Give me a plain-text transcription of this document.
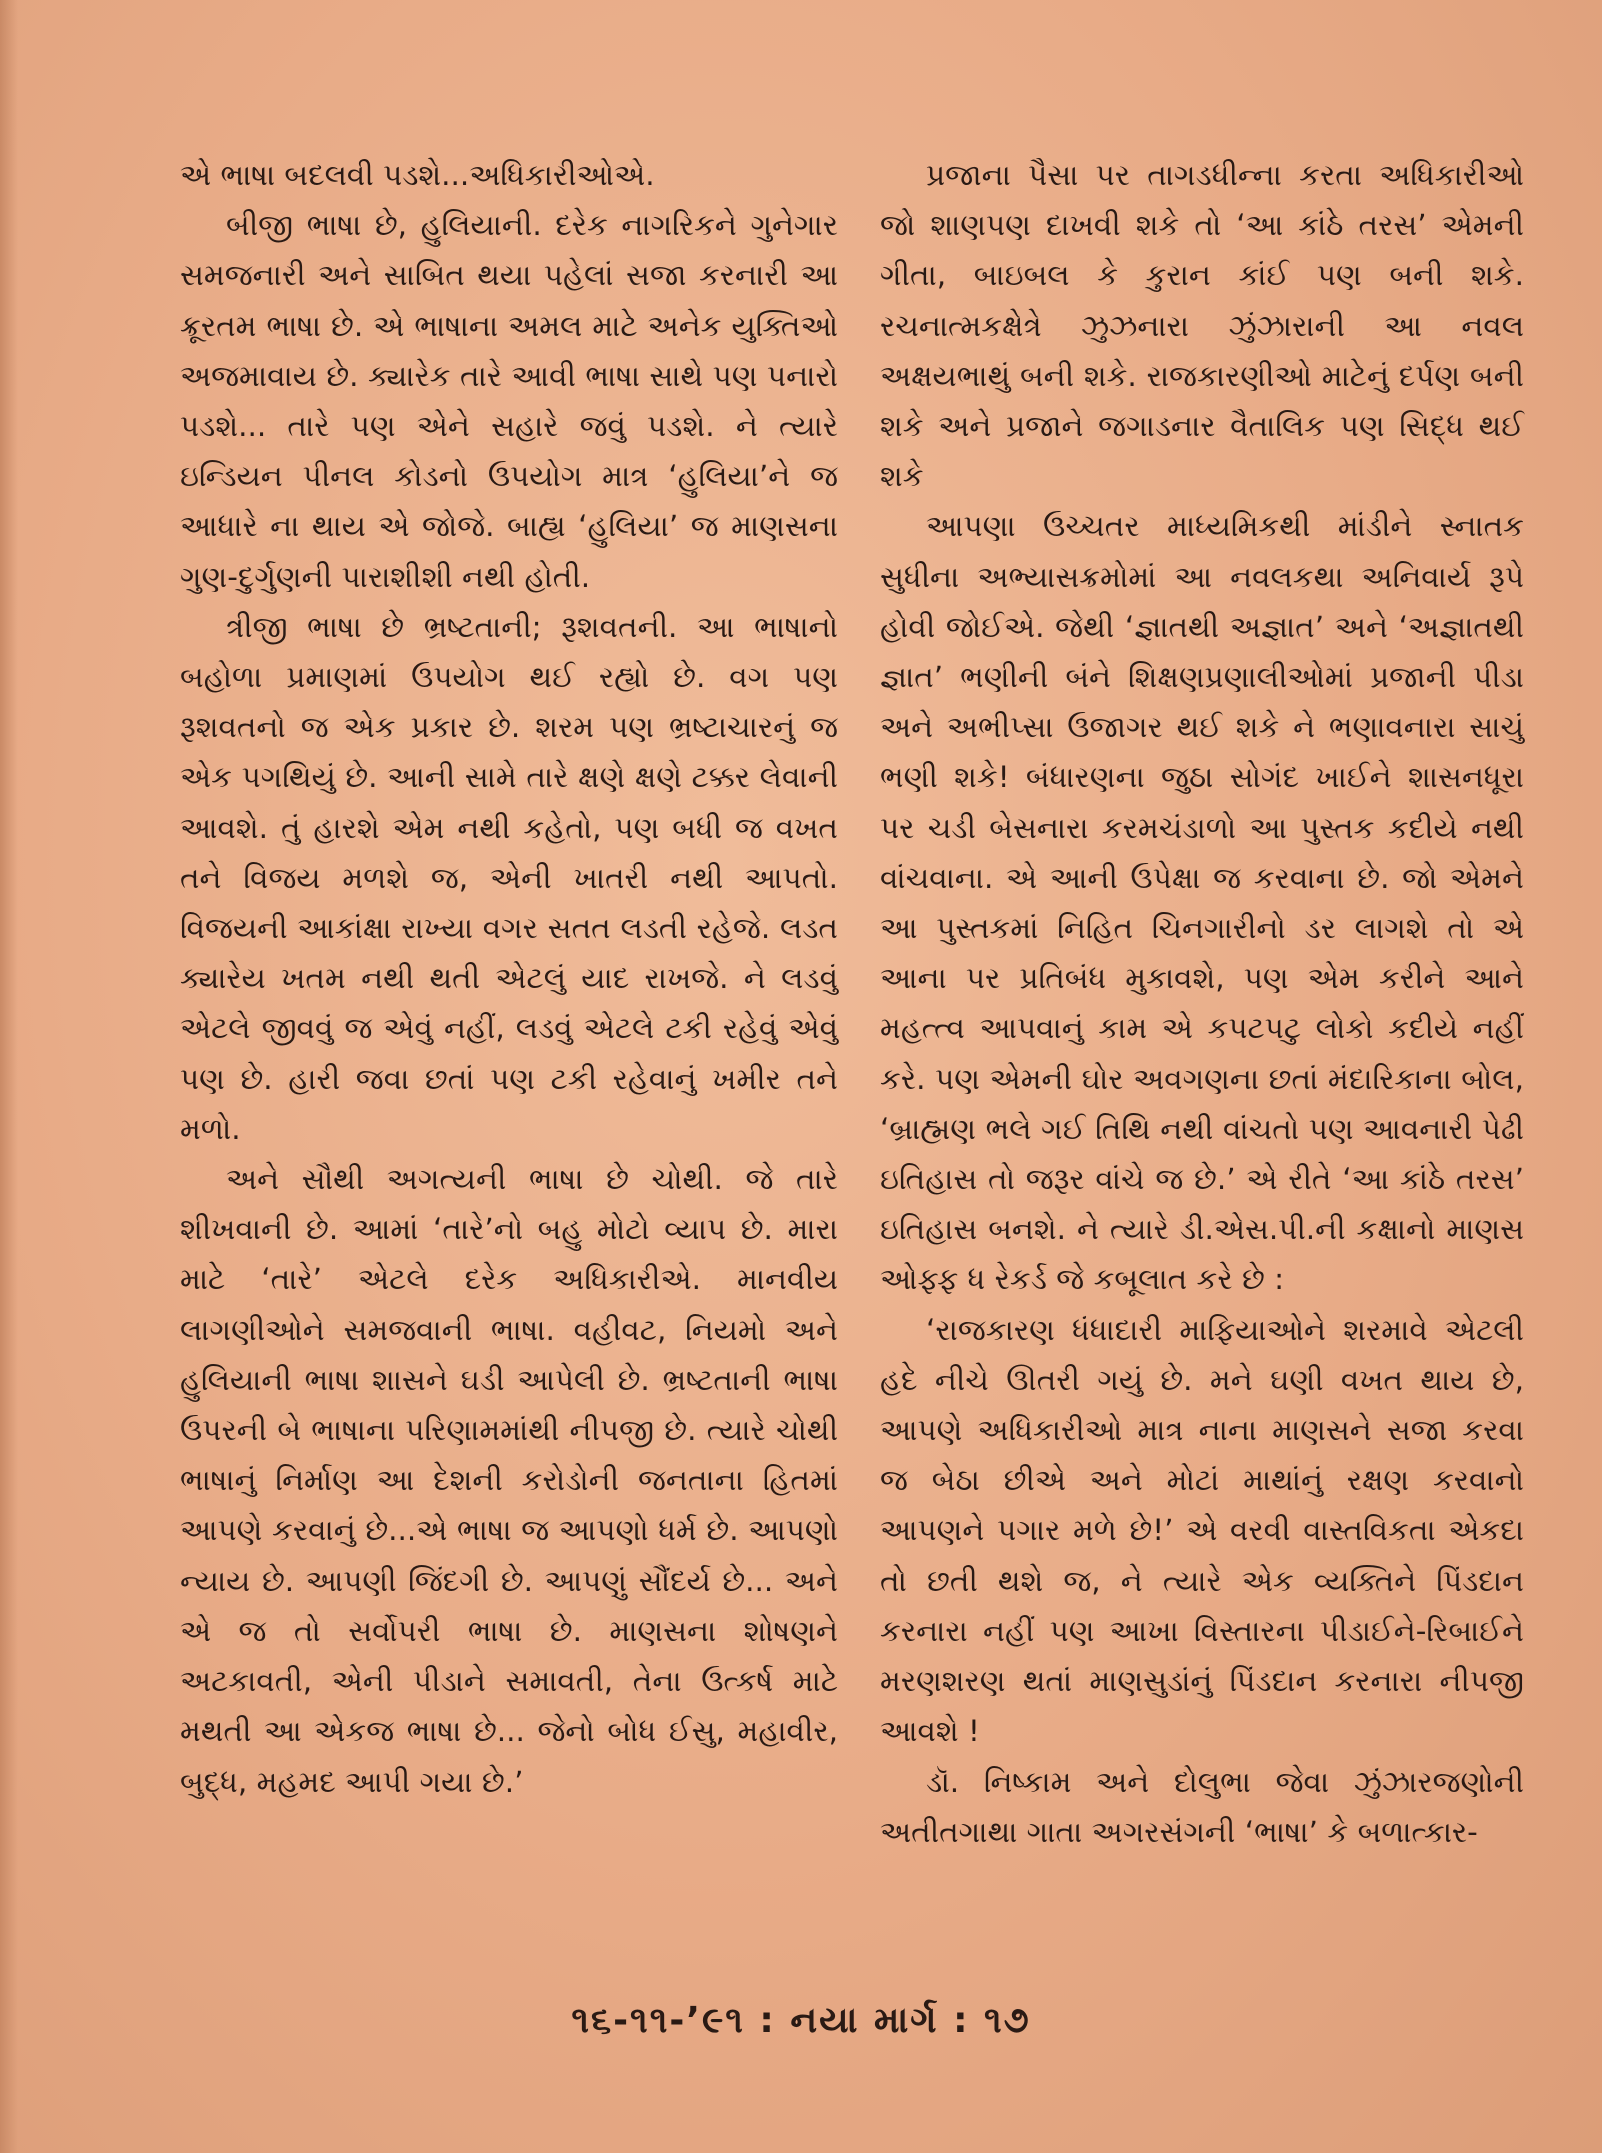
એ ભાષા બદલવી પડશે...અધિકારીઓએ.

બીજી ભાષા છે, હુલિયાની. દરેક નાગરિકને ગુનેગાર સમજનારી અને સાબિત થયા પહેલાં સજા કરનારી આ ક્રૂરતમ ભાષા છે. એ ભાષાના અમલ માટે અનેક યુક્તિઓ અજમાવાય છે. ક્યારેક તારે આવી ભાષા સાથે પણ પનારો પડશે... તારે પણ એને સહારે જવું પડશે. ને ત્યારે ઇન્ડિયન પીનલ કોડનો ઉપયોગ માત્ર ‘હુલિયા’ને જ આધારે ના થાય એ જોજે. બાહ્ય ‘હુલિયા’ જ માણસના ગુણ-દુર્ગુણની પારાશીશી નથી હોતી.

ત્રીજી ભાષા છે ભ્રષ્ટતાની; રૂશવતની. આ ભાષાનો બહોળા પ્રમાણમાં ઉપયોગ થઈ રહ્યો છે. વગ પણ રૂશવતનો જ એક પ્રકાર છે. શરમ પણ ભ્રષ્ટાચારનું જ એક પગથિયું છે. આની સામે તારે ક્ષણે ક્ષણે ટક્કર લેવાની આવશે. તું હારશે એમ નથી કહેતો, પણ બધી જ વખત તને વિજય મળશે જ, એની ખાતરી નથી આપતો. વિજયની આકાંક્ષા રાખ્યા વગર સતત લડતી રહેજે. લડત ક્યારેય ખતમ નથી થતી એટલું યાદ રાખજે. ને લડવું એટલે જીવવું જ એવું નહીં, લડવું એટલે ટકી રહેવું એવું પણ છે. હારી જવા છતાં પણ ટકી રહેવાનું ખમીર તને મળો.

અને સૌથી અગત્યની ભાષા છે ચોથી. જે તારે શીખવાની છે. આમાં ‘તારે’નો બહુ મોટો વ્યાપ છે. મારા માટે ‘તારે’ એટલે દરેક અધિકારીએ. માનવીય લાગણીઓને સમજવાની ભાષા. વહીવટ, નિયમો અને હુલિયાની ભાષા શાસને ઘડી આપેલી છે. ભ્રષ્ટતાની ભાષા ઉપરની બે ભાષાના પરિણામમાંથી નીપજી છે. ત્યારે ચોથી ભાષાનું નિર્માણ આ દેશની કરોડોની જનતાના હિતમાં આપણે કરવાનું છે...એ ભાષા જ આપણો ધર્મ છે. આપણો ન્યાય છે. આપણી જિંદગી છે. આપણું સૌંદર્ય છે... અને એ જ તો સર્વોપરી ભાષા છે. માણસના શોષણને અટકાવતી, એની પીડાને સમાવતી, તેના ઉત્કર્ષ માટે મથતી આ એકજ ભાષા છે... જેનો બોધ ઈસુ, મહાવીર, બુદ્ધ, મહમદ આપી ગયા છે.’

પ્રજાના પૈસા પર તાગડધીન્ના કરતા અધિકારીઓ જો શાણપણ દાખવી શકે તો ‘આ કાંઠે તરસ’ એમની ગીતા, બાઇબલ કે કુરાન કાંઈ પણ બની શકે. રચનાત્મકક્ષેત્રે ઝુઝનારા ઝુંઝારાની આ નવલ અક્ષયભાથું બની શકે. રાજકારણીઓ માટેનું દર્પણ બની શકે અને પ્રજાને જગાડનાર વૈતાલિક પણ સિદ્ધ થઈ શકે

આપણા ઉચ્ચતર માધ્યમિકથી માંડીને સ્નાતક સુધીના અભ્યાસક્રમોમાં આ નવલકથા અનિવાર્ય રૂપે હોવી જોઈએ. જેથી ‘જ્ઞાતથી અજ્ઞાત’ અને ‘અજ્ઞાતથી જ્ઞાત’ ભણીની બંને શિક્ષણપ્રણાલીઓમાં પ્રજાની પીડા અને અભીપ્સા ઉજાગર થઈ શકે ને ભણાવનારા સાચું ભણી શકે! બંધારણના જુઠા સોગંદ ખાઈને શાસનધૂરા પર ચડી બેસનારા કરમચંડાળો આ પુસ્તક કદીયે નથી વાંચવાના. એ આની ઉપેક્ષા જ કરવાના છે. જો એમને આ પુસ્તકમાં નિહિત ચિનગારીનો ડર લાગશે તો એ આના પર પ્રતિબંધ મુકાવશે, પણ એમ કરીને આને મહત્ત્વ આપવાનું કામ એ કપટપટુ લોકો કદીયે નહીં કરે. પણ એમની ઘોર અવગણના છતાં મંદારિકાના બોલ, ‘બ્રાહ્મણ ભલે ગઈ તિથિ નથી વાંચતો પણ આવનારી પેઢી ઇતિહાસ તો જરૂર વાંચે જ છે.’ એ રીતે ‘આ કાંઠે તરસ’ ઇતિહાસ બનશે. ને ત્યારે ડી.એસ.પી.ની કક્ષાનો માણસ ઓફ્ફ ધ રેકર્ડ જે કબૂલાત કરે છે :

‘રાજકારણ ધંધાદારી માફિયાઓને શરમાવે એટલી હદે નીચે ઊતરી ગયું છે. મને ઘણી વખત થાય છે, આપણે અધિકારીઓ માત્ર નાના માણસને સજા કરવા જ બેઠા છીએ અને મોટાં માથાંનું રક્ષણ કરવાનો આપણને પગાર મળે છે!’ એ વરવી વાસ્તવિકતા એકદા તો છતી થશે જ, ને ત્યારે એક વ્યક્તિને પિંડદાન કરનારા નહીં પણ આખા વિસ્તારના પીડાઈને-રિબાઈને મરણશરણ થતાં માણસુડાંનું પિંડદાન કરનારા નીપજી આવશે !

ડૉ. નિષ્કામ અને દોલુભા જેવા ઝુંઝારજણોની અતીતગાથા ગાતા અગરસંગની ‘ભાષા’ કે બળાત્કાર-

૧૬-૧૧-’૯૧ : નયા માર્ગ : ૧૭
